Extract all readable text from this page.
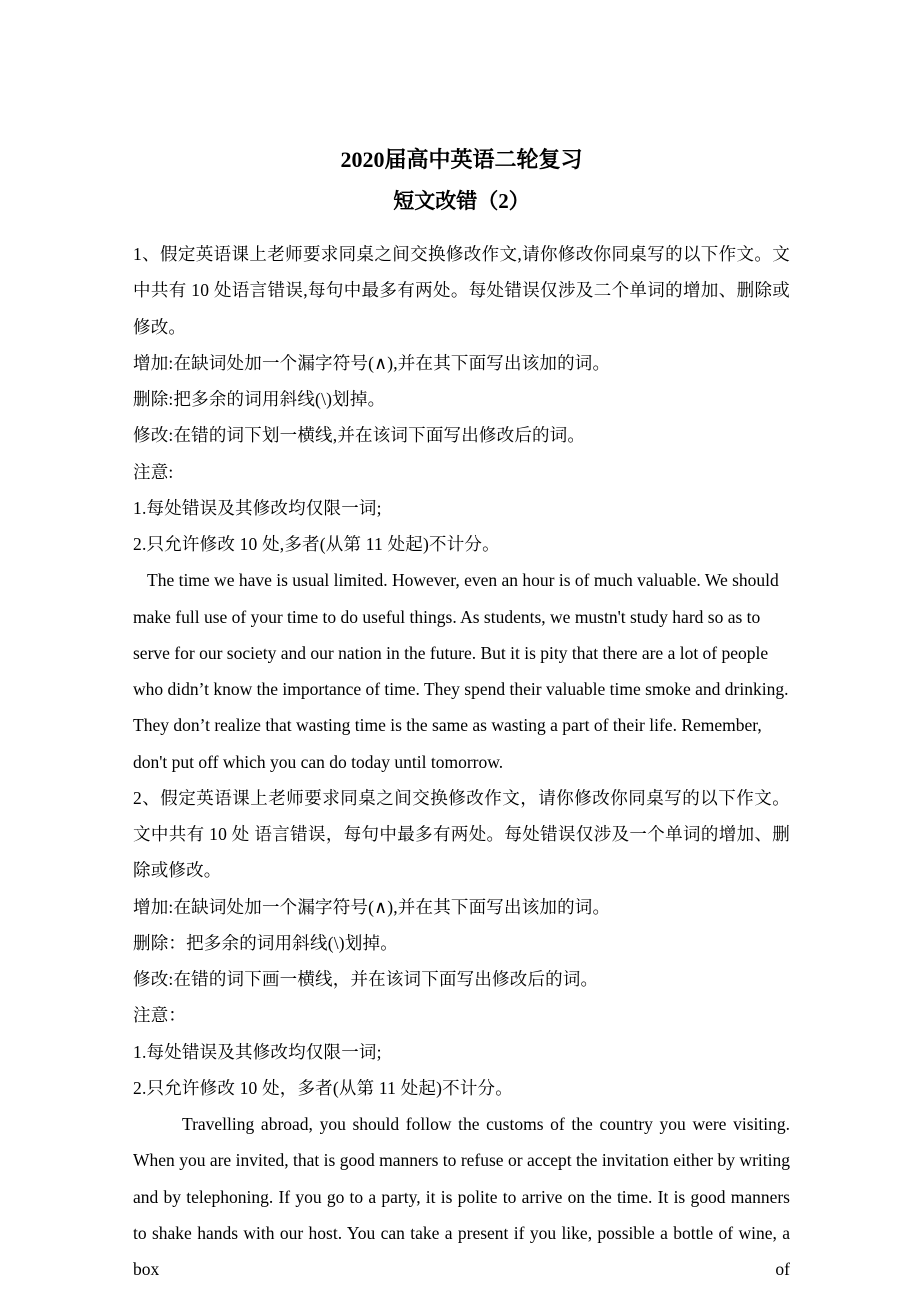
2020届高中英语二轮复习
短文改错（2）

1、假定英语课上老师要求同桌之间交换修改作文,请你修改你同桌写的以下作文。文中共有 10 处语言错误,每句中最多有两处。每处错误仅涉及二个单词的增加、删除或修改。

增加:在缺词处加一个漏字符号(∧),并在其下面写出该加的词。

删除:把多余的词用斜线(\)划掉。

修改:在错的词下划一横线,并在该词下面写出修改后的词。

注意:

1.每处错误及其修改均仅限一词;

2.只允许修改 10 处,多者(从第 11 处起)不计分。

The time we have is usual limited. However, even an hour is of much valuable. We should make full use of your time to do useful things. As students, we mustn't study hard so as to serve for our society and our nation in the future. But it is pity that there are a lot of people who didn’t know the importance of time. They spend their valuable time smoke and drinking. They don’t realize that wasting time is the same as wasting a part of their life. Remember, don't put off which you can do today until tomorrow.

2、假定英语课上老师要求同桌之间交换修改作文，请你修改你同桌写的以下作文。文中共有 10 处 语言错误，每句中最多有两处。每处错误仅涉及一个单词的增加、删除或修改。

增加:在缺词处加一个漏字符号(∧),并在其下面写出该加的词。

删除：把多余的词用斜线(\)划掉。

修改:在错的词下画一横线，并在该词下面写出修改后的词。

注意：

1.每处错误及其修改均仅限一词;

2.只允许修改 10 处，多者(从第 11 处起)不计分。

Travelling abroad, you should follow the customs of the country you were visiting. When you are invited, that is good manners to refuse or accept the invitation either by writing and by telephoning. If you go to a party, it is polite to arrive on the time. It is good manners to shake hands with our host. You can take a present if you like, possible a bottle of wine, a box of
